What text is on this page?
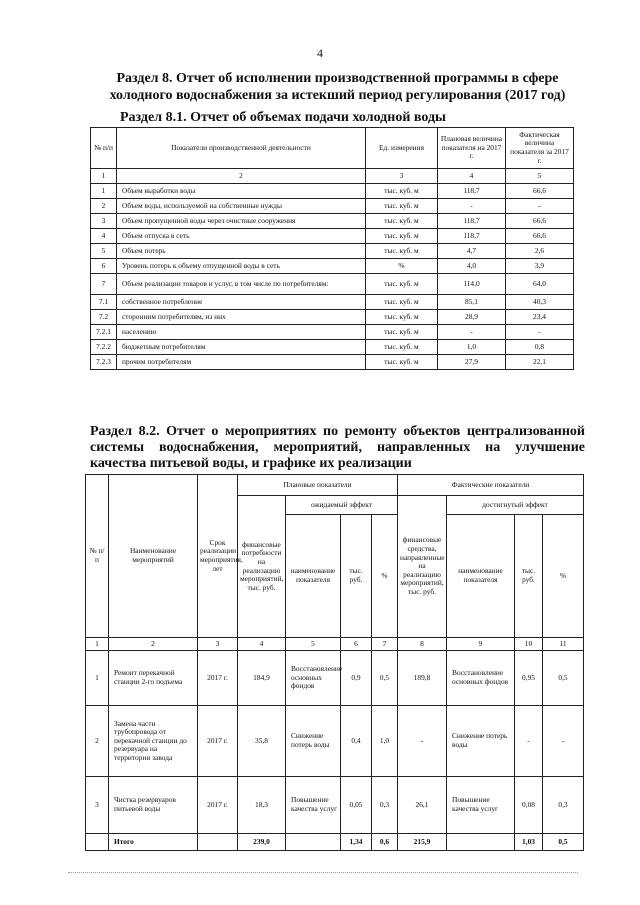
4
Раздел 8. Отчет об исполнении производственной программы в сфере холодного водоснабжения за истекший период регулирования (2017 год)
Раздел 8.1. Отчет об объемах подачи холодной воды
№ п/п	Показатели производственной деятельности	Ед. измерения	Плановая величина показателя на 2017 г.	Фактическая величина показателя за 2017 г.
1	2	3	4	5
1	Объем выработки воды	тыс. куб. м	118,7	66,6
2	Объем воды, используемой на собственные нужды	тыс. куб. м	-	-
3	Объем пропущенной воды через очистные сооружения	тыс. куб. м	118,7	66,6
4	Объем отпуска в сеть	тыс. куб. м	118,7	66,6
5	Объем потерь	тыс. куб. м	4,7	2,6
6	Уровень потерь к объему отпущенной воды в сеть	%	4,0	3,9
7	Объем реализации товаров и услуг, в том числе по потребителям:	тыс. куб. м	114,0	64,0
7.1	собственное потребление	тыс. куб. м	85,1	40,3
7.2	сторонним потребителям, из них	тыс. куб. м	28,9	23,4
7.2.1	населению	тыс. куб. м	-	-
7.2.2	бюджетным потребителям	тыс. куб. м	1,0	0,8
7.2.3	прочим потребителям	тыс. куб. м	27,9	22,1
№ п/п	Наименование мероприятий	Срок реализации мероприятия, лет	Плановые показатели				Фактические показатели			
			финансовые потребности на реализацию мероприятий, тыс. руб.	ожидаемый эффект			финансовые средства, направленные на реализацию мероприятий, тыс. руб.	достигнутый эффект		
				наименование показателя	тыс. руб.	%		наименование показателя	тыс. руб.	%
1	2	3	4	5	6	7	8	9	10	11
1	Ремонт перекачной станции 2-го подъема	2017 г.	184,9	Восстановление основных фондов	0,9	0,5	189,8	Восстановление основных фондов	0,95	0,5
2	Замена части трубопровода от перекачной станции до резервуара на территории завода	2017 г.	35,8	Снижение потерь воды	0,4	1,0	-	Снижение потерь воды	-	-
3	Чистка резервуаров питьевой воды	2017 г.	18,3	Повышение качества услуг	0,05	0,3	26,1	Повышение качества услуг	0,08	0,3
	Итого		239,0		1,34	0,6	215,9		1,03	0,5
Раздел 8.2. Отчет о мероприятиях по ремонту объектов централизованной системы водоснабжения, мероприятий, направленных на улучшение качества питьевой воды, и графике их реализации
